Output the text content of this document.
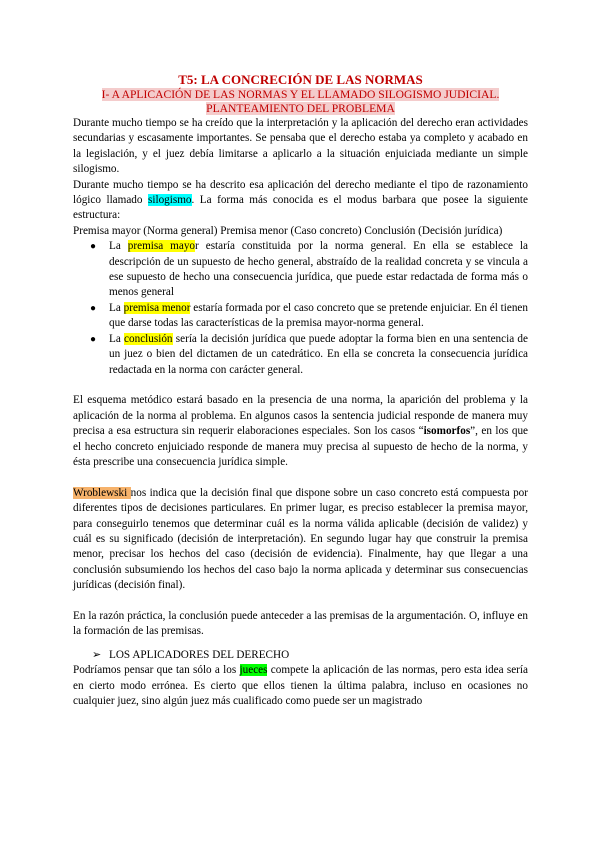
T5: LA CONCRECIÓN DE LAS NORMAS
I- A APLICACIÓN DE LAS NORMAS Y EL LLAMADO SILOGISMO JUDICIAL.
PLANTEAMIENTO DEL PROBLEMA

Durante mucho tiempo se ha creído que la interpretación y la aplicación del derecho eran actividades secundarias y escasamente importantes. Se pensaba que el derecho estaba ya completo y acabado en la legislación, y el juez debía limitarse a aplicarlo a la situación enjuiciada mediante un simple silogismo.

Durante mucho tiempo se ha descrito esa aplicación del derecho mediante el tipo de razonamiento lógico llamado silogismo. La forma más conocida es el modus barbara que posee la siguiente estructura:

Premisa mayor (Norma general) Premisa menor (Caso concreto) Conclusión (Decisión jurídica)

● La premisa mayor estaría constituida por la norma general. En ella se establece la descripción de un supuesto de hecho general, abstraído de la realidad concreta y se vincula a ese supuesto de hecho una consecuencia jurídica, que puede estar redactada de forma más o menos general
● La premisa menor estaría formada por el caso concreto que se pretende enjuiciar. En él tienen que darse todas las características de la premisa mayor-norma general.
● La conclusión sería la decisión jurídica que puede adoptar la forma bien en una sentencia de un juez o bien del dictamen de un catedrático. En ella se concreta la consecuencia jurídica redactada en la norma con carácter general.

El esquema metódico estará basado en la presencia de una norma, la aparición del problema y la aplicación de la norma al problema. En algunos casos la sentencia judicial responde de manera muy precisa a esa estructura sin requerir elaboraciones especiales. Son los casos “isomorfos”, en los que el hecho concreto enjuiciado responde de manera muy precisa al supuesto de hecho de la norma, y ésta prescribe una consecuencia jurídica simple.

Wroblewski nos indica que la decisión final que dispone sobre un caso concreto está compuesta por diferentes tipos de decisiones particulares. En primer lugar, es preciso establecer la premisa mayor, para conseguirlo tenemos que determinar cuál es la norma válida aplicable (decisión de validez) y cuál es su significado (decisión de interpretación). En segundo lugar hay que construir la premisa menor, precisar los hechos del caso (decisión de evidencia). Finalmente, hay que llegar a una conclusión subsumiendo los hechos del caso bajo la norma aplicada y determinar sus consecuencias jurídicas (decisión final).

En la razón práctica, la conclusión puede anteceder a las premisas de la argumentación. O, influye en la formación de las premisas.

➢ LOS APLICADORES DEL DERECHO

Podríamos pensar que tan sólo a los jueces compete la aplicación de las normas, pero esta idea sería en cierto modo errónea. Es cierto que ellos tienen la última palabra, incluso en ocasiones no cualquier juez, sino algún juez más cualificado como puede ser un magistrado
